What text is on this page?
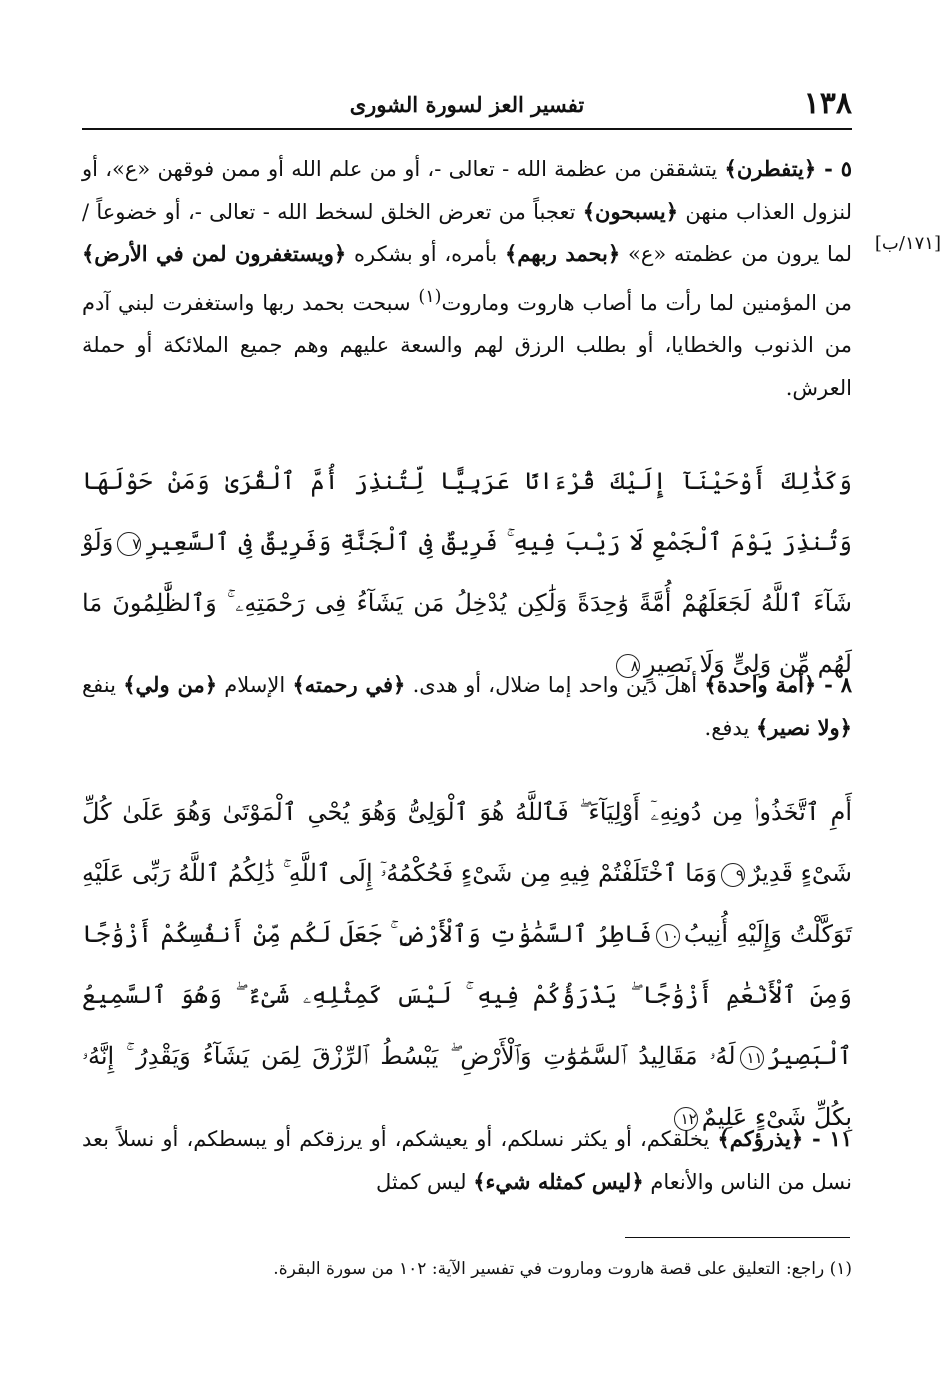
١٣٨
تفسير العز لسورة الشورى
[١٧١/ب]
٥ - ﴿يتفطرن﴾ يتشققن من عظمة الله - تعالى -، أو من علم الله أو ممن فوقهن «ع»، أو لنزول العذاب منهن ﴿يسبحون﴾ تعجباً من تعرض الخلق لسخط الله - تعالى -، أو خضوعاً / لما يرون من عظمته «ع» ﴿بحمد ربهم﴾ بأمره، أو بشكره ﴿ويستغفرون لمن في الأرض﴾ من المؤمنين لما رأت ما أصاب هاروت وماروت$^{(١)}$ سبحت بحمد ربها واستغفرت لبني آدم من الذنوب والخطايا، أو بطلب الرزق لهم والسعة عليهم وهم جميع الملائكة أو حملة العرش.
وَكَذَٰلِكَ أَوْحَيْنَآ إِلَيْكَ قُرْءَانًا عَرَبِيًّا لِّتُنذِرَ أُمَّ ٱلْقُرَىٰ وَمَنْ حَوْلَهَا وَتُنذِرَ يَوْمَ ٱلْجَمْعِ لَا رَيْبَ فِيهِ ۚ فَرِيقٌ فِى ٱلْجَنَّةِ وَفَرِيقٌ فِى ٱلسَّعِيرِ٧وَلَوْ شَآءَ ٱللَّهُ لَجَعَلَهُمْ أُمَّةً وَٰحِدَةً وَلَٰكِن يُدْخِلُ مَن يَشَآءُ فِى رَحْمَتِهِۦ ۚ وَٱلظَّٰلِمُونَ مَا لَهُم مِّن وَلِىٍّ وَلَا نَصِيرٍ٨
٨ - ﴿أمة واحدة﴾ أهل دين واحد إما ضلال، أو هدى. ﴿في رحمته﴾ الإسلام ﴿من ولي﴾ ينفع ﴿ولا نصير﴾ يدفع.
أَمِ ٱتَّخَذُوا۟ مِن دُونِهِۦٓ أَوْلِيَآءَ ۖ فَٱللَّهُ هُوَ ٱلْوَلِىُّ وَهُوَ يُحْىِ ٱلْمَوْتَىٰ وَهُوَ عَلَىٰ كُلِّ شَىْءٍ قَدِيرٌ٩وَمَا ٱخْتَلَفْتُمْ فِيهِ مِن شَىْءٍ فَحُكْمُهُۥٓ إِلَى ٱللَّهِ ۚ ذَٰلِكُمُ ٱللَّهُ رَبِّى عَلَيْهِ تَوَكَّلْتُ وَإِلَيْهِ أُنِيبُ١٠فَاطِرُ ٱلسَّمَٰوَٰتِ وَٱلْأَرْضِ ۚ جَعَلَ لَكُم مِّنْ أَنفُسِكُمْ أَزْوَٰجًا وَمِنَ ٱلْأَنْعَٰمِ أَزْوَٰجًا ۖ يَذْرَؤُكُمْ فِيهِ ۚ لَيْسَ كَمِثْلِهِۦ شَىْءٌ ۖ وَهُوَ ٱلسَّمِيعُ ٱلْبَصِيرُ١١لَهُۥ مَقَالِيدُ ٱلسَّمَٰوَٰتِ وَٱلْأَرْضِ ۖ يَبْسُطُ ٱلرِّزْقَ لِمَن يَشَآءُ وَيَقْدِرُ ۚ إِنَّهُۥ بِكُلِّ شَىْءٍ عَلِيمٌ١٢
١١ - ﴿يذرؤكم﴾ يخلقكم، أو يكثر نسلكم، أو يعيشكم، أو يرزقكم أو يبسطكم، أو نسلاً بعد نسل من الناس والأنعام ﴿ليس كمثله شيء﴾ ليس كمثل
(١) راجع: التعليق على قصة هاروت وماروت في تفسير الآية: ١٠٢ من سورة البقرة.
